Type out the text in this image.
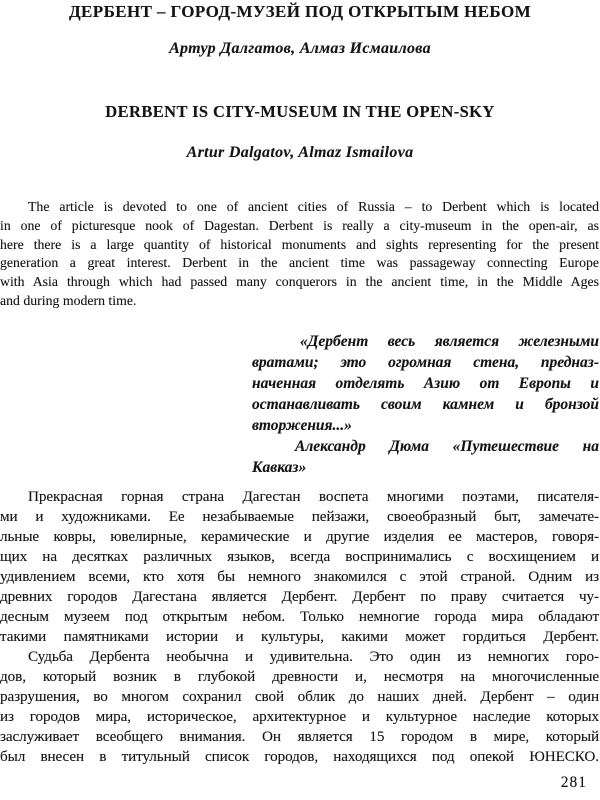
ДЕРБЕНТ – ГОРОД-МУЗЕЙ ПОД ОТКРЫТЫМ НЕБОМ
Артур Далгатов, Алмаз Исмаилова
DERBENT IS CITY-MUSEUM IN THE OPEN-SKY
Artur Dalgatov, Almaz Ismailova
The article is devoted to one of ancient cities of Russia – to Derbent which is located
in one of picturesque nook of Dagestan. Derbent is really a city-museum in the open-air, as
here there is a large quantity of historical monuments and sights representing for the present
generation a great interest. Derbent in the ancient time was passageway connecting Europe
with Asia through which had passed many conquerors in the ancient time, in the Middle Ages
and during modern time.
«Дербент весь является железными
вратами; это огромная стена, предназ-
наченная отделять Азию от Европы и
останавливать своим камнем и бронзой
вторжения...»
Александр Дюма «Путешествие на
Кавказ»
Прекрасная горная страна Дагестан воспета многими поэтами, писателя-
ми и художниками. Ее незабываемые пейзажи, своеобразный быт, замечате-
льные ковры, ювелирные, керамические и другие изделия ее мастеров, говоря-
щих на десятках различных языков, всегда воспринимались с восхищением и
удивлением всеми, кто хотя бы немного знакомился с этой страной. Одним из
древних городов Дагестана является Дербент. Дербент по праву считается чу-
десным музеем под открытым небом. Только немногие города мира обладают
такими памятниками истории и культуры, какими может гордиться Дербент.
Судьба Дербента необычна и удивительна. Это один из немногих горо-
дов, который возник в глубокой древности и, несмотря на многочисленные
разрушения, во многом сохранил свой облик до наших дней. Дербент – один
из городов мира, историческое, архитектурное и культурное наследие которых
заслуживает всеобщего внимания. Он является 15 городом в мире, который
был внесен в титульный список городов, находящихся под опекой ЮНЕСКО.
281
